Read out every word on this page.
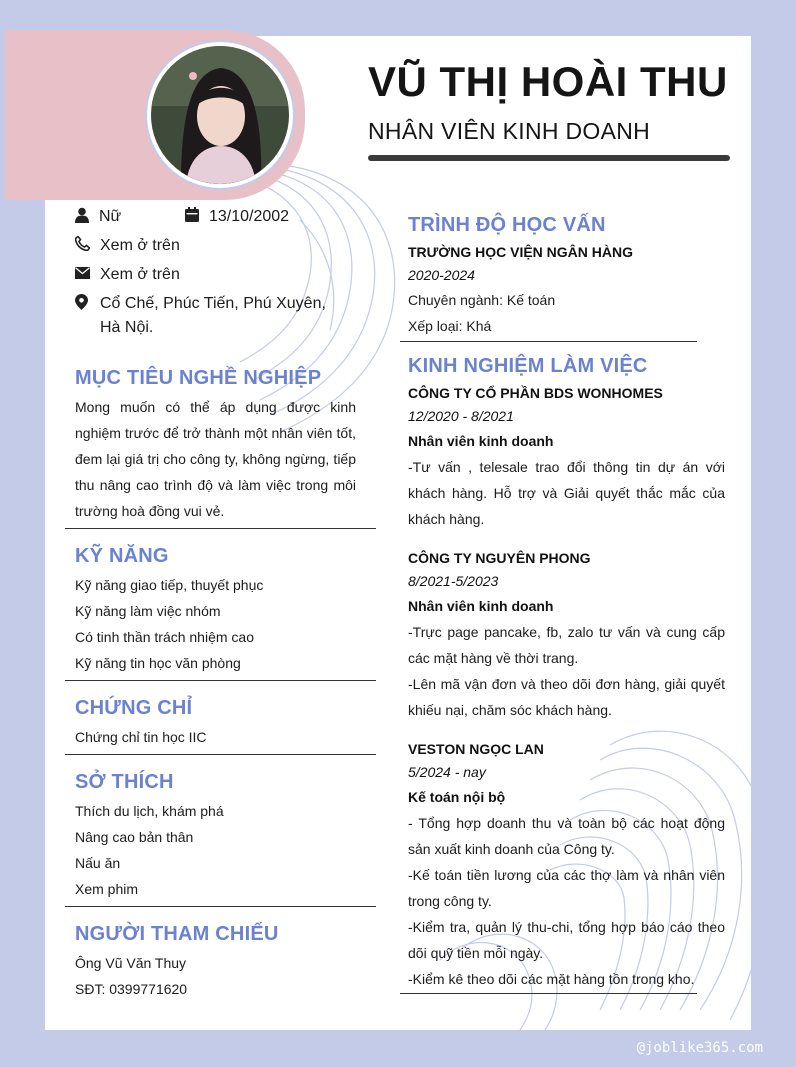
VŨ THỊ HOÀI THU
NHÂN VIÊN KINH DOANH
Nữ	13/10/2002
Xem ở trên
Xem ở trên
Cổ Chế, Phúc Tiến, Phú Xuyên, Hà Nội.
MỤC TIÊU NGHỀ NGHIỆP
Mong muốn có thể áp dụng được kinh nghiệm trước để trở thành một nhân viên tốt, đem lại giá trị cho công ty, không ngừng, tiếp thu nâng cao trình độ và làm việc trong môi trường hoà đồng vui vẻ.
KỸ NĂNG
Kỹ năng giao tiếp, thuyết phục
Kỹ năng làm việc nhóm
Có tinh thần trách nhiệm cao
Kỹ năng tin học văn phòng
CHỨNG CHỈ
Chứng chỉ tin học IIC
SỞ THÍCH
Thích du lịch, khám phá
Nâng cao bản thân
Nấu ăn
Xem phim
NGƯỜI THAM CHIẾU
Ông Vũ Văn Thuy
SĐT: 0399771620
TRÌNH ĐỘ HỌC VẤN
TRƯỜNG HỌC VIỆN NGÂN HÀNG
2020-2024
Chuyên ngành: Kế toán
Xếp loại: Khá
KINH NGHIỆM LÀM VIỆC
CÔNG TY CỔ PHẦN BDS WONHOMES
12/2020 - 8/2021
Nhân viên kinh doanh
-Tư vấn , telesale trao đổi thông tin dự án với khách hàng. Hỗ trợ và Giải quyết thắc mắc của khách hàng.
CÔNG TY NGUYÊN PHONG
8/2021-5/2023
Nhân viên kinh doanh
-Trực page pancake, fb, zalo tư vấn và cung cấp các mặt hàng về thời trang.
-Lên mã vận đơn và theo dõi đơn hàng, giải quyết khiếu nại, chăm sóc khách hàng.
VESTON NGỌC LAN
5/2024 - nay
Kế toán nội bộ
- Tổng hợp doanh thu và toàn bộ các hoạt động sản xuất kinh doanh của Công ty.
-Kế toán tiền lương của các thợ làm và nhân viên trong công ty.
-Kiểm tra, quản lý thu-chi, tổng hợp báo cáo theo dõi quỹ tiền mỗi ngày.
-Kiểm kê theo dõi các mặt hàng tồn trong kho.
@joblike365.com
